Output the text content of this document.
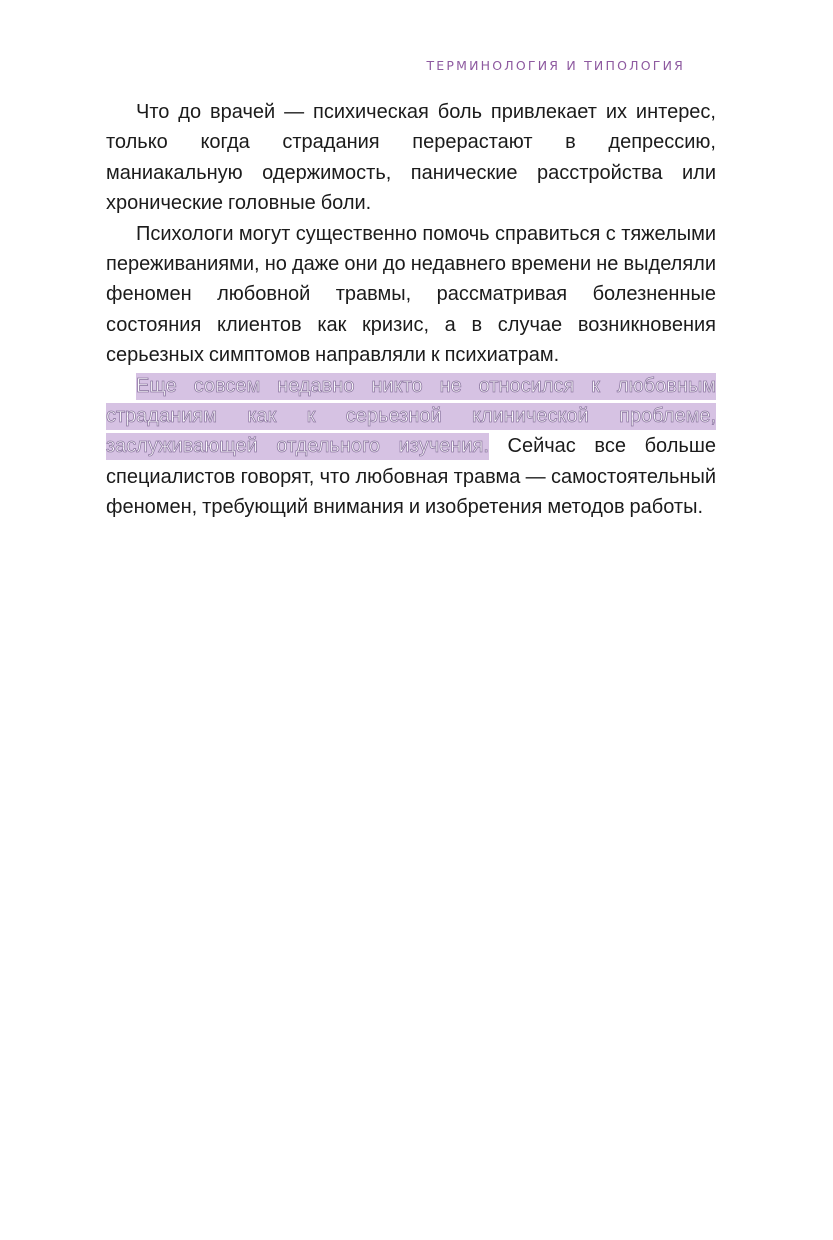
ТЕРМИНОЛОГИЯ И ТИПОЛОГИЯ

Что до врачей — психическая боль привлекает их интерес, только когда страдания перерастают в депрессию, маниакальную одержимость, панические расстройства или хронические головные боли.

Психологи могут существенно помочь справиться с тяжелыми переживаниями, но даже они до недавнего времени не выделяли феномен любовной травмы, рассматривая болезненные состояния клиентов как кризис, а в случае возникновения серьезных симптомов направляли к психиатрам.

Еще совсем недавно никто не относился к любовным страданиям как к серьезной клинической проблеме, заслуживающей отдельного изучения. Сейчас все больше специалистов говорят, что любовная травма — самостоятельный феномен, требующий внимания и изобретения методов работы.
